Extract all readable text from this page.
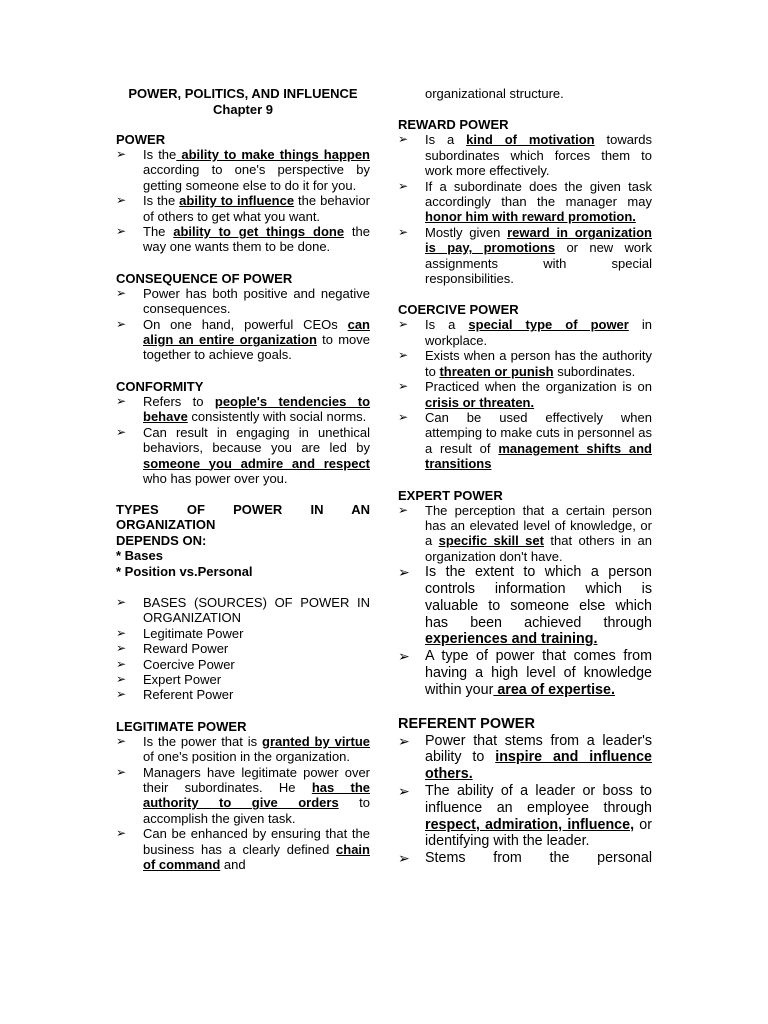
POWER, POLITICS, AND INFLUENCE

Chapter 9

POWER

➢ Is the ability to make things happen according to one's perspective by getting someone else to do it for you.
➢ Is the ability to influence the behavior of others to get what you want.
➢ The ability to get things done the way one wants them to be done.

CONSEQUENCE OF POWER

➢ Power has both positive and negative consequences.
➢ On one hand, powerful CEOs can align an entire organization to move together to achieve goals.

CONFORMITY

➢ Refers to people's tendencies to behave consistently with social norms.
➢ Can result in engaging in unethical behaviors, because you are led by someone you admire and respect who has power over you.

TYPES OF POWER IN AN

ORGANIZATION

DEPENDS ON:

* Bases

* Position vs.Personal

➢ BASES (SOURCES) OF POWER IN ORGANIZATION
➢ Legitimate Power
➢ Reward Power
➢ Coercive Power
➢ Expert Power
➢ Referent Power

LEGITIMATE POWER

➢ Is the power that is granted by virtue of one's position in the organization.
➢ Managers have legitimate power over their subordinates. He has the authority to give orders to accomplish the given task.
➢ Can be enhanced by ensuring that the business has a clearly defined chain of command and

organizational structure.

REWARD POWER

➢ Is a kind of motivation towards subordinates which forces them to work more effectively.
➢ If a subordinate does the given task accordingly than the manager may honor him with reward promotion.
➢ Mostly given reward in organization is pay, promotions or new work assignments with special responsibilities.

COERCIVE POWER

➢ Is a special type of power in workplace.
➢ Exists when a person has the authority to threaten or punish subordinates.
➢ Practiced when the organization is on crisis or threaten.
➢ Can be used effectively when attemping to make cuts in personnel as a result of management shifts and transitions

EXPERT POWER

➢ The perception that a certain person has an elevated level of knowledge, or a specific skill set that others in an organization don't have.
➢ Is the extent to which a person controls information which is valuable to someone else which has been achieved through experiences and training.
➢ A type of power that comes from having a high level of knowledge within your area of expertise.

REFERENT POWER

➢ Power that stems from a leader's ability to inspire and influence others.
➢ The ability of a leader or boss to influence an employee through respect, admiration, influence, or identifying with the leader.
➢ Stems from the personal
